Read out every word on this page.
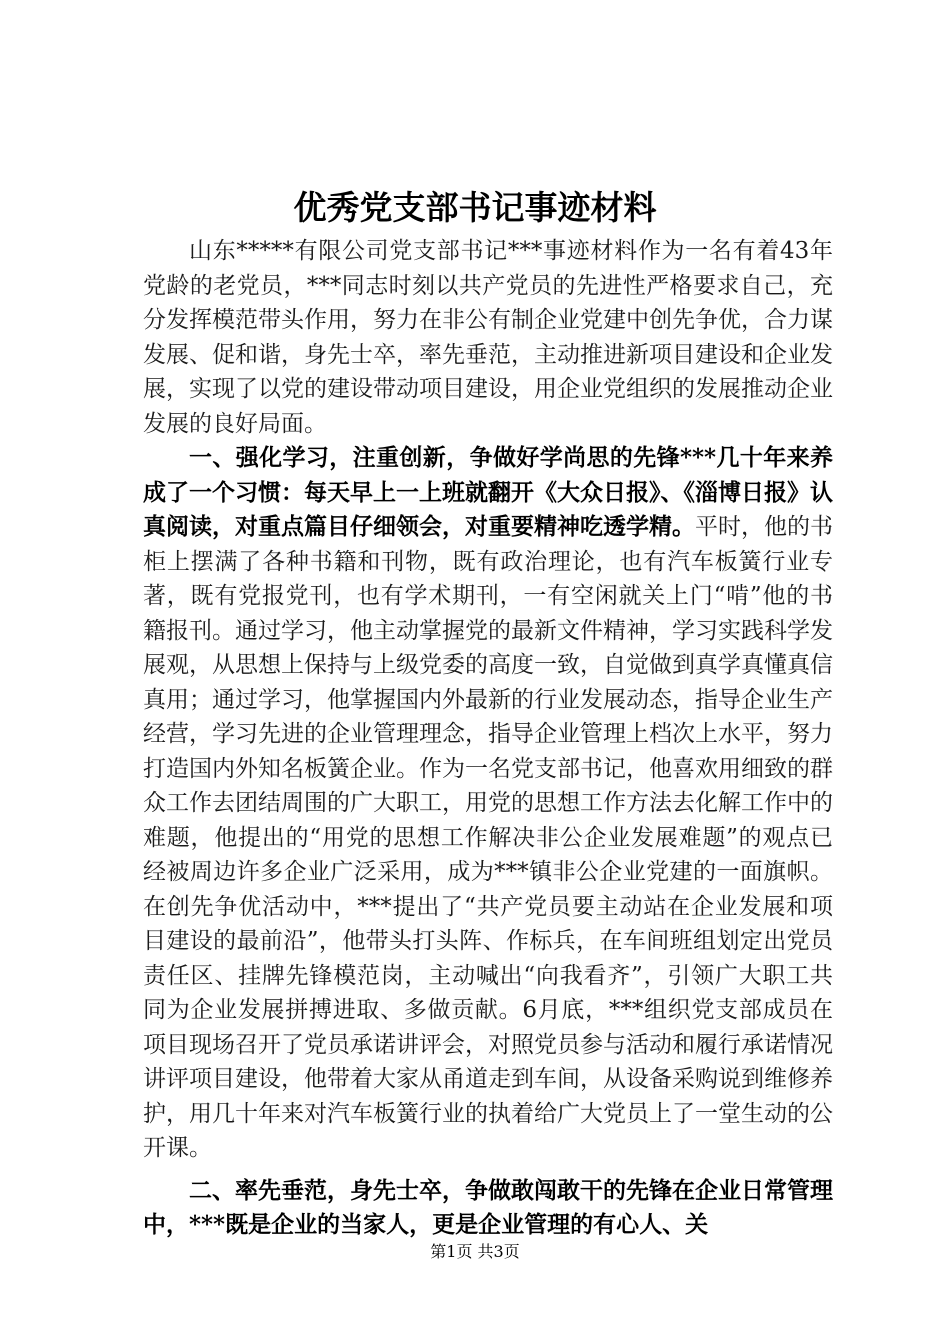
优秀党支部书记事迹材料

山东*****有限公司党支部书记***事迹材料作为一名有着43年党龄的老党员，***同志时刻以共产党员的先进性严格要求自己，充分发挥模范带头作用，努力在非公有制企业党建中创先争优，合力谋发展、促和谐，身先士卒，率先垂范，主动推进新项目建设和企业发展，实现了以党的建设带动项目建设，用企业党组织的发展推动企业发展的良好局面。

一、强化学习，注重创新，争做好学尚思的先锋***几十年来养成了一个习惯：每天早上一上班就翻开《大众日报》、《淄博日报》认真阅读，对重点篇目仔细领会，对重要精神吃透学精。平时，他的书柜上摆满了各种书籍和刊物，既有政治理论，也有汽车板簧行业专著，既有党报党刊，也有学术期刊，一有空闲就关上门“啃”他的书籍报刊。通过学习，他主动掌握党的最新文件精神，学习实践科学发展观，从思想上保持与上级党委的高度一致，自觉做到真学真懂真信真用；通过学习，他掌握国内外最新的行业发展动态，指导企业生产经营，学习先进的企业管理理念，指导企业管理上档次上水平，努力打造国内外知名板簧企业。作为一名党支部书记，他喜欢用细致的群众工作去团结周围的广大职工，用党的思想工作方法去化解工作中的难题，他提出的“用党的思想工作解决非公企业发展难题”的观点已经被周边许多企业广泛采用，成为***镇非公企业党建的一面旗帜。在创先争优活动中，***提出了“共产党员要主动站在企业发展和项目建设的最前沿”，他带头打头阵、作标兵，在车间班组划定出党员责任区、挂牌先锋模范岗，主动喊出“向我看齐”，引领广大职工共同为企业发展拼搏进取、多做贡献。6月底，***组织党支部成员在项目现场召开了党员承诺讲评会，对照党员参与活动和履行承诺情况讲评项目建设，他带着大家从甬道走到车间，从设备采购说到维修养护，用几十年来对汽车板簧行业的执着给广大党员上了一堂生动的公开课。

二、率先垂范，身先士卒，争做敢闯敢干的先锋在企业日常管理中，***既是企业的当家人，更是企业管理的有心人、关

第1页 共3页
